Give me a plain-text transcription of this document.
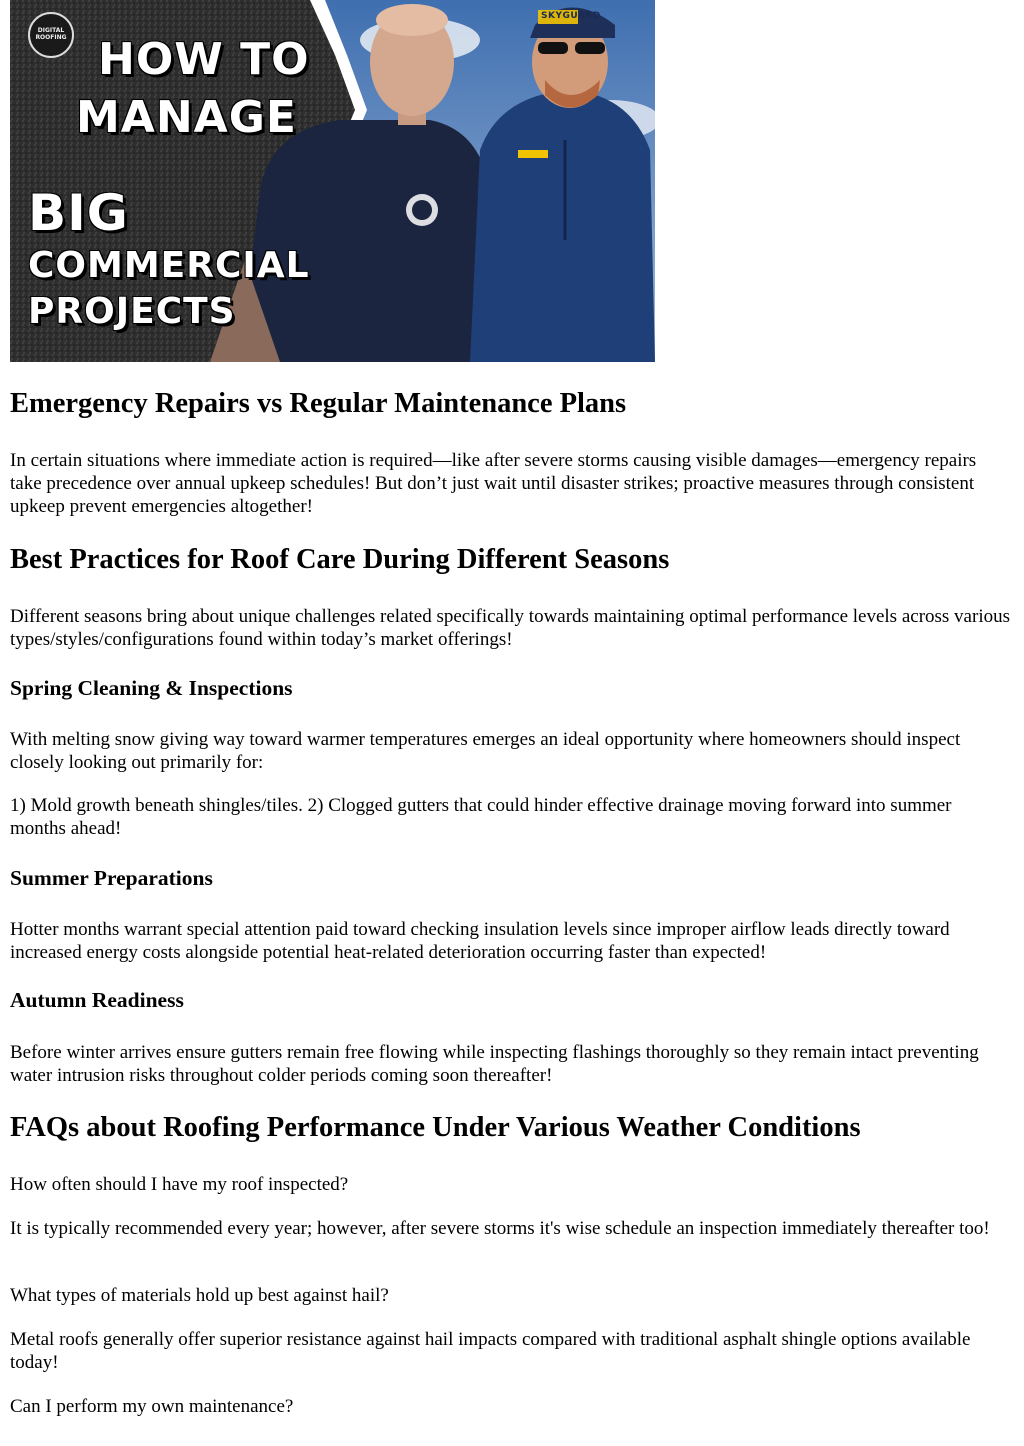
DIGITAL ROOFING
SKYGUARD
HOW TO
MANAGE
BIG
COMMERCIAL
PROJECTS
Emergency Repairs vs Regular Maintenance Plans

In certain situations where immediate action is required—like after severe storms causing visible damages—emergency repairs take precedence over annual upkeep schedules! But don’t just wait until disaster strikes; proactive measures through consistent upkeep prevent emergencies altogether!

Best Practices for Roof Care During Different Seasons

Different seasons bring about unique challenges related specifically towards maintaining optimal performance levels across various types/styles/configurations found within today’s market offerings!

Spring Cleaning & Inspections

With melting snow giving way toward warmer temperatures emerges an ideal opportunity where homeowners should inspect closely looking out primarily for:

1) Mold growth beneath shingles/tiles. 2) Clogged gutters that could hinder effective drainage moving forward into summer months ahead!

Summer Preparations

Hotter months warrant special attention paid toward checking insulation levels since improper airflow leads directly toward increased energy costs alongside potential heat-related deterioration occurring faster than expected!

Autumn Readiness

Before winter arrives ensure gutters remain free flowing while inspecting flashings thoroughly so they remain intact preventing water intrusion risks throughout colder periods coming soon thereafter!

FAQs about Roofing Performance Under Various Weather Conditions

How often should I have my roof inspected?

It is typically recommended every year; however, after severe storms it's wise schedule an inspection immediately thereafter too!

What types of materials hold up best against hail?

Metal roofs generally offer superior resistance against hail impacts compared with traditional asphalt shingle options available today!

Can I perform my own maintenance?
